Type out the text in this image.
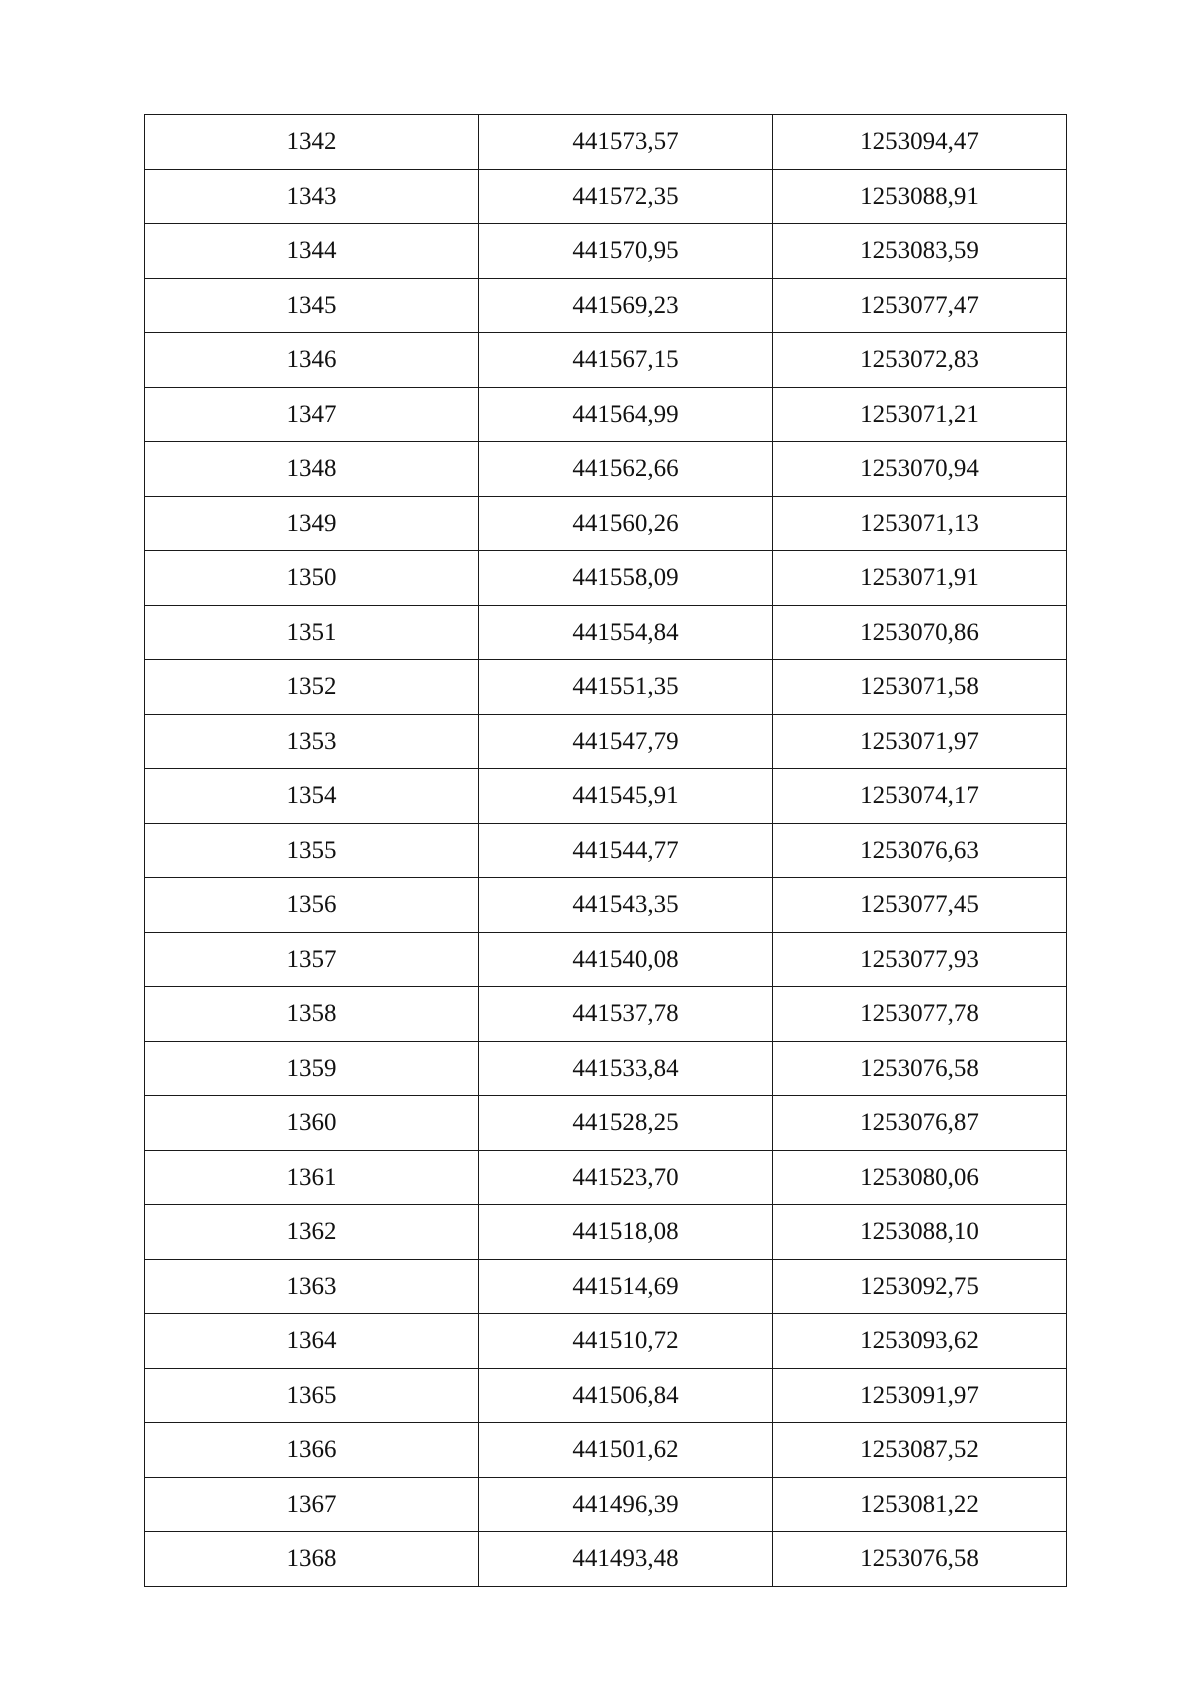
1342	441573,57	1253094,47
1343	441572,35	1253088,91
1344	441570,95	1253083,59
1345	441569,23	1253077,47
1346	441567,15	1253072,83
1347	441564,99	1253071,21
1348	441562,66	1253070,94
1349	441560,26	1253071,13
1350	441558,09	1253071,91
1351	441554,84	1253070,86
1352	441551,35	1253071,58
1353	441547,79	1253071,97
1354	441545,91	1253074,17
1355	441544,77	1253076,63
1356	441543,35	1253077,45
1357	441540,08	1253077,93
1358	441537,78	1253077,78
1359	441533,84	1253076,58
1360	441528,25	1253076,87
1361	441523,70	1253080,06
1362	441518,08	1253088,10
1363	441514,69	1253092,75
1364	441510,72	1253093,62
1365	441506,84	1253091,97
1366	441501,62	1253087,52
1367	441496,39	1253081,22
1368	441493,48	1253076,58
